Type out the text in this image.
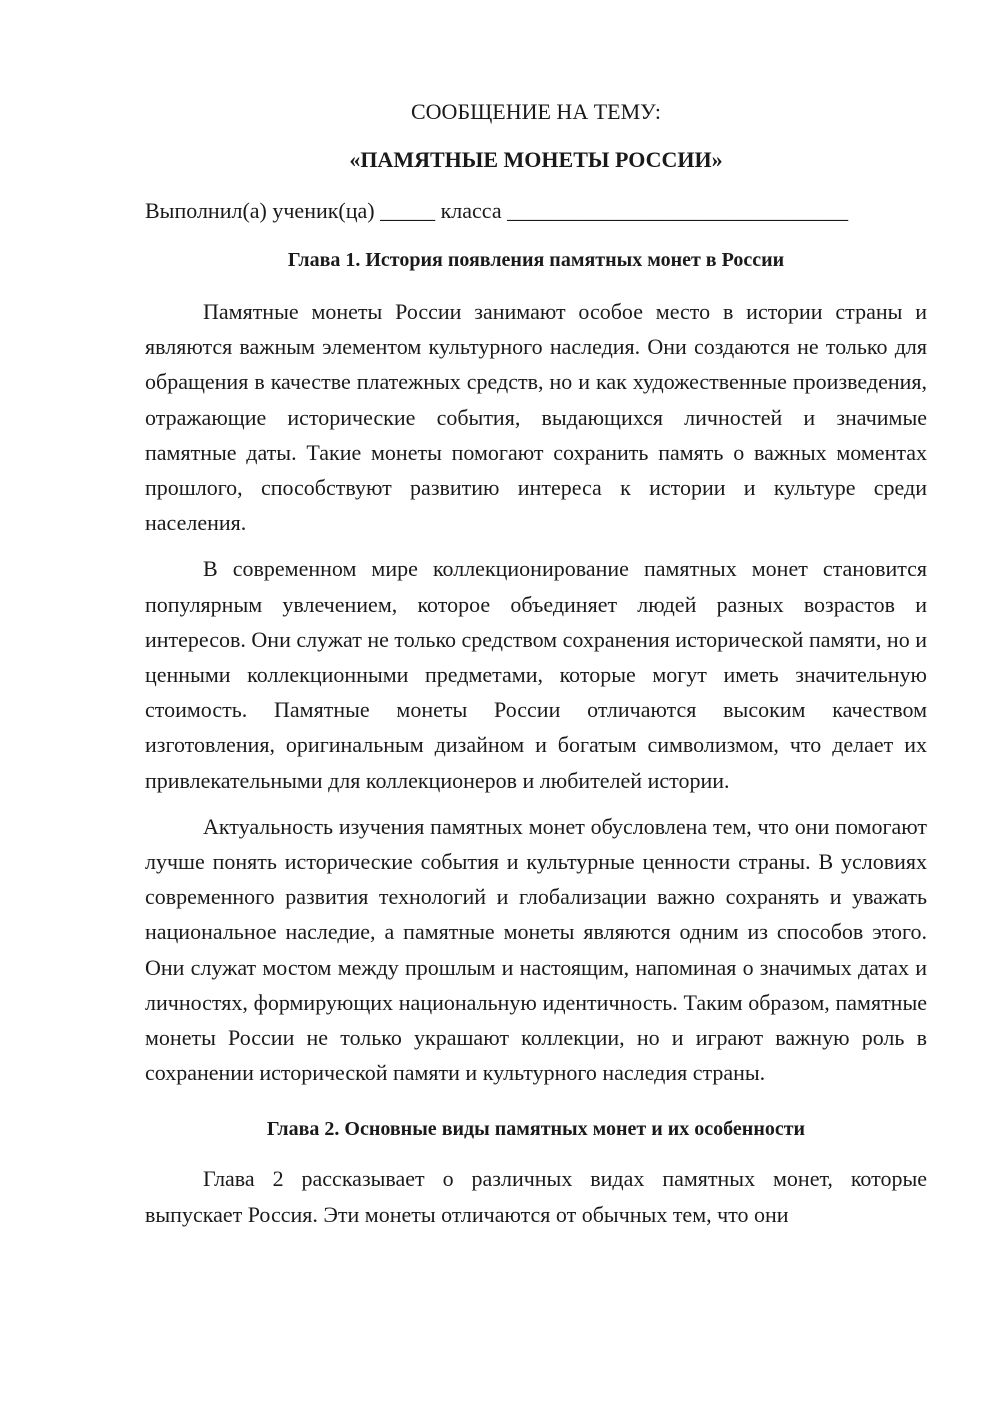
СООБЩЕНИЕ НА ТЕМУ:

«ПАМЯТНЫЕ МОНЕТЫ РОССИИ»

Выполнил(а) ученик(ца) _____ класса _______________________________
Глава 1. История появления памятных монет в России

Памятные монеты России занимают особое место в истории страны и являются важным элементом культурного наследия. Они создаются не только для обращения в качестве платежных средств, но и как художественные произведения, отражающие исторические события, выдающихся личностей и значимые памятные даты. Такие монеты помогают сохранить память о важных моментах прошлого, способствуют развитию интереса к истории и культуре среди населения.

В современном мире коллекционирование памятных монет становится популярным увлечением, которое объединяет людей разных возрастов и интересов. Они служат не только средством сохранения исторической памяти, но и ценными коллекционными предметами, которые могут иметь значительную стоимость. Памятные монеты России отличаются высоким качеством изготовления, оригинальным дизайном и богатым символизмом, что делает их привлекательными для коллекционеров и любителей истории.

Актуальность изучения памятных монет обусловлена тем, что они помогают лучше понять исторические события и культурные ценности страны. В условиях современного развития технологий и глобализации важно сохранять и уважать национальное наследие, а памятные монеты являются одним из способов этого. Они служат мостом между прошлым и настоящим, напоминая о значимых датах и личностях, формирующих национальную идентичность. Таким образом, памятные монеты России не только украшают коллекции, но и играют важную роль в сохранении исторической памяти и культурного наследия страны.

Глава 2. Основные виды памятных монет и их особенности

Глава 2 рассказывает о различных видах памятных монет, которые выпускает Россия. Эти монеты отличаются от обычных тем, что они
